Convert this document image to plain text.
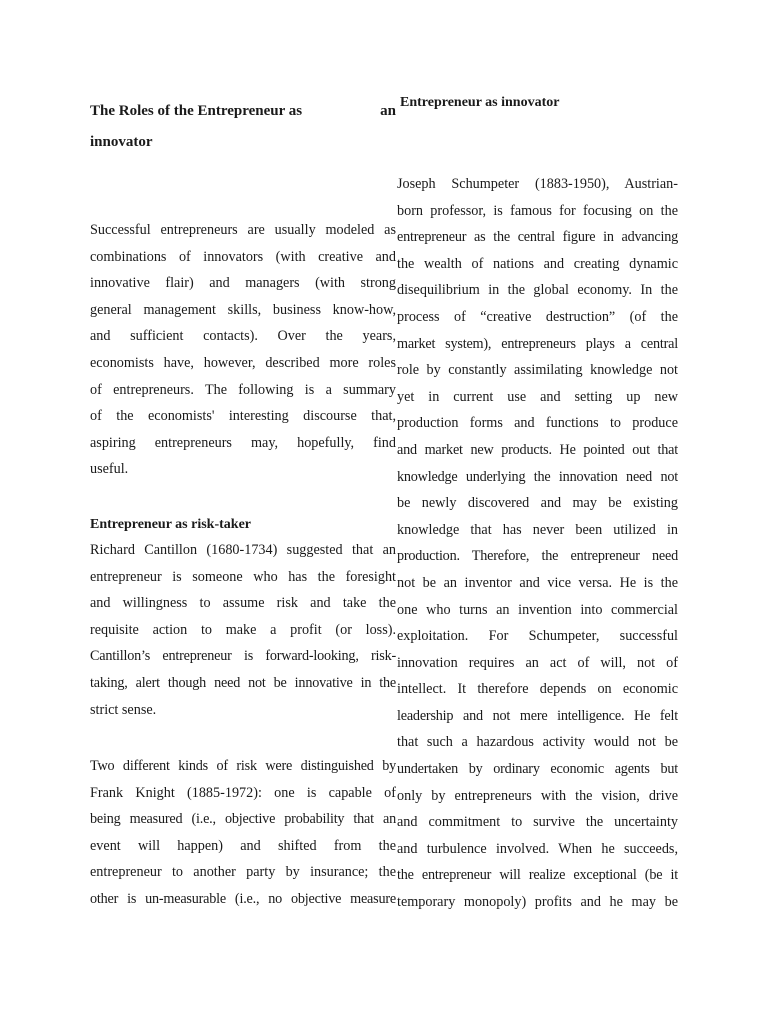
The Roles of the Entrepreneur as	an
innovator
Successful entrepreneurs are usually modeled as
combinations of innovators (with creative and
innovative flair) and managers (with strong
general management skills, business know-how,
and sufficient contacts). Over the years,
economists have, however, described more roles
of entrepreneurs. The following is a summary
of the economists' interesting discourse that,
aspiring entrepreneurs may, hopefully, find
useful.
Entrepreneur as risk-taker
Richard Cantillon (1680-1734) suggested that an
entrepreneur is someone who has the foresight
and willingness to assume risk and take the
requisite action to make a profit (or loss).
Cantillon’s entrepreneur is forward-looking, risk-
taking, alert though need not be innovative in the
strict sense.
Two different kinds of risk were distinguished by
Frank Knight (1885-1972): one is capable of
being measured (i.e., objective probability that an
event will happen) and shifted from the
entrepreneur to another party by insurance; the
other is un-measurable (i.e., no objective measure
Entrepreneur as innovator
Joseph Schumpeter (1883-1950), Austrian-
born professor, is famous for focusing on the
entrepreneur as the central figure in advancing
the wealth of nations and creating dynamic
disequilibrium in the global economy. In the
process of “creative destruction” (of the
market system), entrepreneurs plays a central
role by constantly assimilating knowledge not
yet in current use and setting up new
production forms and functions to produce
and market new products. He pointed out that
knowledge underlying the innovation need not
be newly discovered and may be existing
knowledge that has never been utilized in
production. Therefore, the entrepreneur need
not be an inventor and vice versa. He is the
one who turns an invention into commercial
exploitation. For Schumpeter, successful
innovation requires an act of will, not of
intellect. It therefore depends on economic
leadership and not mere intelligence. He felt
that such a hazardous activity would not be
undertaken by ordinary economic agents but
only by entrepreneurs with the vision, drive
and commitment to survive the uncertainty
and turbulence involved. When he succeeds,
the entrepreneur will realize exceptional (be it
temporary monopoly) profits and he may be
